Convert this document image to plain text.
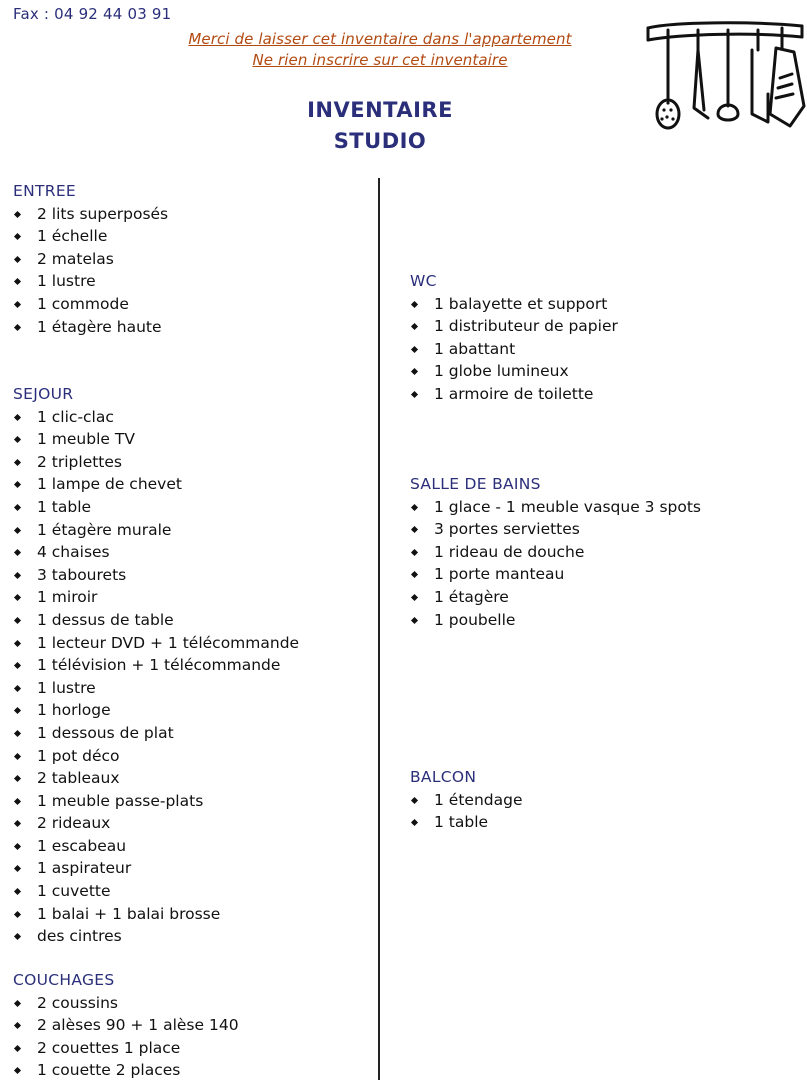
Fax : 04 92 44 03 91
Merci de laisser cet inventaire dans l'appartement
Ne rien inscrire sur cet inventaire
INVENTAIRE
STUDIO
ENTREE
2 lits superposés
1 échelle
2 matelas
1 lustre
1 commode
1 étagère haute
SEJOUR
1 clic-clac
1 meuble TV
2 triplettes
1 lampe de chevet
1 table
1 étagère murale
4 chaises
3 tabourets
1 miroir
1 dessus de table
1 lecteur DVD + 1 télécommande
1 télévision + 1 télécommande
1 lustre
1 horloge
1 dessous de plat
1 pot déco
2 tableaux
1 meuble passe-plats
2 rideaux
1 escabeau
1 aspirateur
1 cuvette
1 balai + 1 balai brosse
des cintres
COUCHAGES
2 coussins
2 alèses 90 + 1 alèse 140
2 couettes 1 place
1 couette 2 places
WC
1 balayette et support
1 distributeur de papier
1 abattant
1 globe lumineux
1 armoire de toilette
SALLE DE BAINS
1 glace - 1 meuble vasque 3 spots
3 portes serviettes
1 rideau de douche
1 porte manteau
1 étagère
1 poubelle
BALCON
1 étendage
1 table
